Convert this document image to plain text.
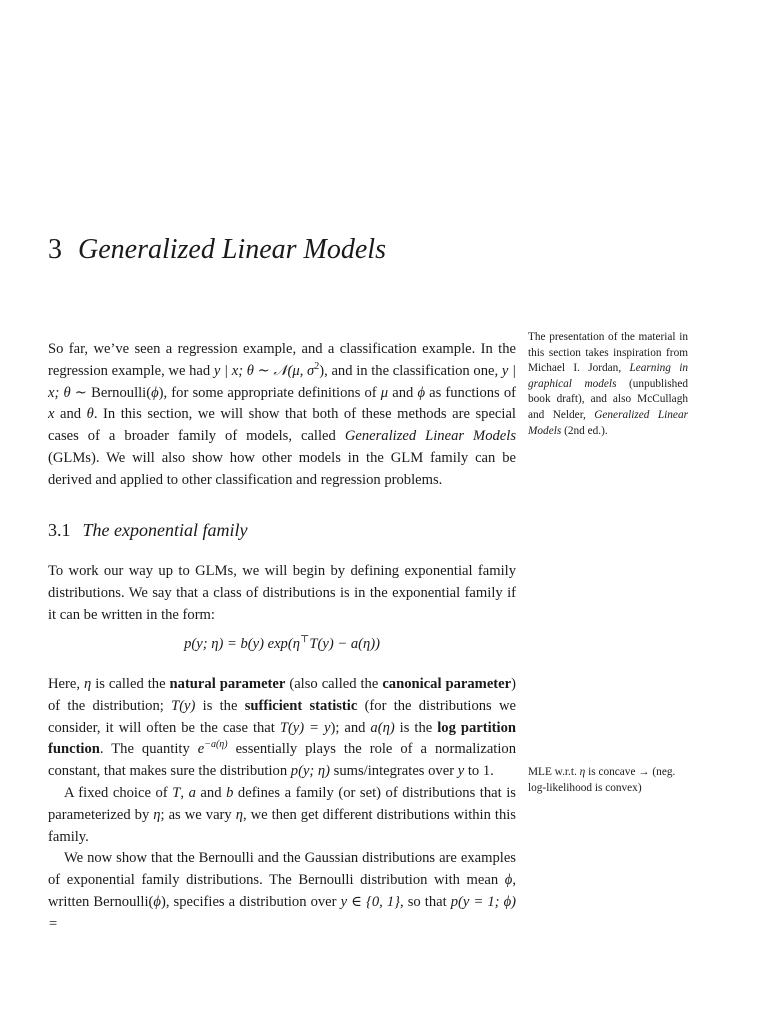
3 Generalized Linear Models

So far, we’ve seen a regression example, and a classification example. In the regression example, we had y | x; θ ∼ 𝒩(μ, $\sigma^2$), and in the classification one, y | x; θ ∼ Bernoulli(ϕ), for some appropriate definitions of μ and ϕ as functions of x and θ. In this section, we will show that both of these methods are special cases of a broader family of models, called Generalized Linear Models (GLMs). We will also show how other models in the GLM family can be derived and applied to other classification and regression problems.

The presentation of the material in this section takes inspiration from Michael I. Jordan, Learning in graphical models (unpublished book draft), and also McCullagh and Nelder, Generalized Linear Models (2nd ed.).
3.1 The exponential family

To work our way up to GLMs, we will begin by defining exponential family distributions. We say that a class of distributions is in the exponential family if it can be written in the form:

p(y; η) = b(y) exp(η⊤T(y) − a(η))

Here, η is called the natural parameter (also called the canonical parameter) of the distribution; T(y) is the sufficient statistic (for the distributions we consider, it will often be the case that T(y) = y); and a(η) is the log partition function. The quantity $e^{-a(\eta)}$ essentially plays the role of a normalization constant, that makes sure the distribution p(y; η) sums/integrates over y to 1.

A fixed choice of T, a and b defines a family (or set) of distributions that is parameterized by η; as we vary η, we then get different distributions within this family.

We now show that the Bernoulli and the Gaussian distributions are examples of exponential family distributions. The Bernoulli distribution with mean ϕ, written Bernoulli(ϕ), specifies a distribution over y ∈ {0, 1}, so that p(y = 1; ϕ) =

MLE w.r.t. η is concave → (neg. log-likelihood is convex)
